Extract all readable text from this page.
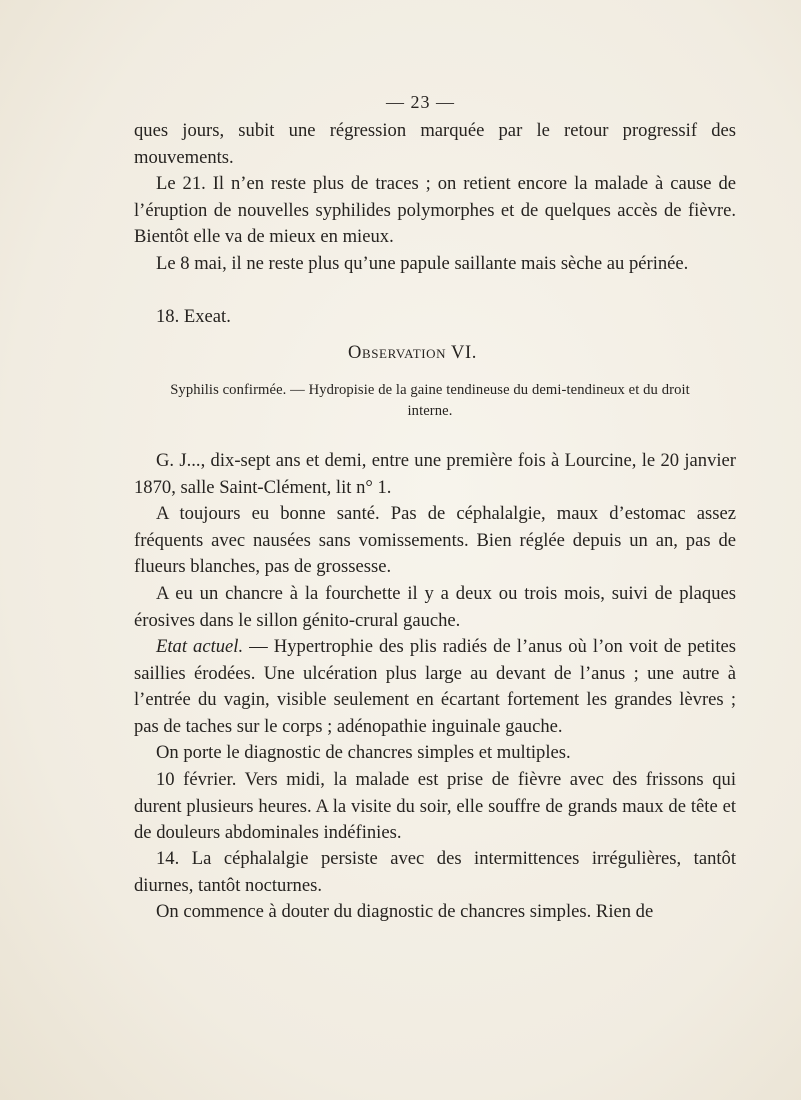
— 23 —

ques jours, subit une régression marquée par le retour progressif des mouvements.

Le 21. Il n’en reste plus de traces ; on retient encore la malade à cause de l’éruption de nouvelles syphilides polymorphes et de quelques accès de fièvre. Bientôt elle va de mieux en mieux.

Le 8 mai, il ne reste plus qu’une papule saillante mais sèche au périnée.

18. Exeat.

Observation VI.
Syphilis confirmée. — Hydropisie de la gaine tendineuse du demi-tendineux et du droit interne.

G. J..., dix-sept ans et demi, entre une première fois à Lourcine, le 20 janvier 1870, salle Saint-Clément, lit n° 1.

A toujours eu bonne santé. Pas de céphalalgie, maux d’estomac assez fréquents avec nausées sans vomissements. Bien réglée depuis un an, pas de flueurs blanches, pas de grossesse.

A eu un chancre à la fourchette il y a deux ou trois mois, suivi de plaques érosives dans le sillon génito-crural gauche.

Etat actuel. — Hypertrophie des plis radiés de l’anus où l’on voit de petites saillies érodées. Une ulcération plus large au devant de l’anus ; une autre à l’entrée du vagin, visible seulement en écartant fortement les grandes lèvres ; pas de taches sur le corps ; adénopathie inguinale gauche.

On porte le diagnostic de chancres simples et multiples.

10 février. Vers midi, la malade est prise de fièvre avec des frissons qui durent plusieurs heures. A la visite du soir, elle souffre de grands maux de tête et de douleurs abdominales indéfinies.

14. La céphalalgie persiste avec des intermittences irrégulières, tantôt diurnes, tantôt nocturnes.

On commence à douter du diagnostic de chancres simples. Rien de
